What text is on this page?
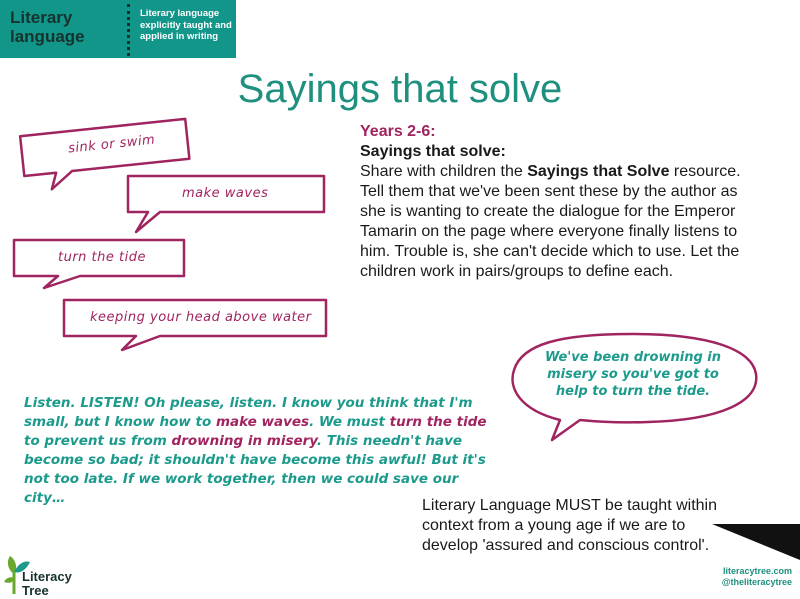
Literary language
Literary language explicitly taught and applied in writing
Sayings that solve
sink or swim
make waves
turn the tide
keeping your head above water
We've been drowning in misery so you've got to help to turn the tide.
Years 2-6:
Sayings that solve:
Share with children the Sayings that Solve resource. Tell them that we've been sent these by the author as she is wanting to create the dialogue for the Emperor Tamarin on the page where everyone finally listens to him. Trouble is, she can't decide which to use. Let the children work in pairs/groups to define each.
Listen. LISTEN! Oh please, listen. I know you think that I'm small, but I know how to make waves. We must turn the tide to prevent us from drowning in misery. This needn't have become so bad; it shouldn't have become this awful! But it's not too late. If we work together, then we could save our city…	Literary Language MUST be taught within context from a young age if we are to develop 'assured and conscious control'.
Literacy Tree
literacytree.com
@theliteracytree
